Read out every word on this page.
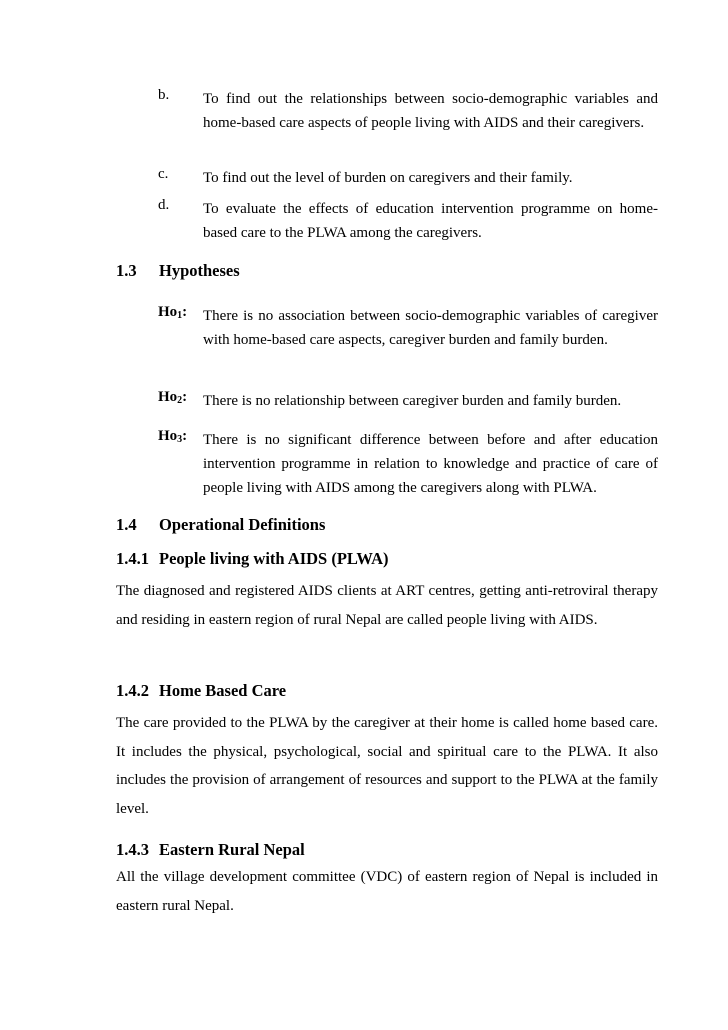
b. To find out the relationships between socio-demographic variables and home-based care aspects of people living with AIDS and their caregivers.
c. To find out the level of burden on caregivers and their family.
d. To evaluate the effects of education intervention programme on home-based care to the PLWA among the caregivers.
1.3 Hypotheses
$Ho_1$: There is no association between socio-demographic variables of caregiver with home-based care aspects, caregiver burden and family burden.
$Ho_2$: There is no relationship between caregiver burden and family burden.
$Ho_3$: There is no significant difference between before and after education intervention programme in relation to knowledge and practice of care of people living with AIDS among the caregivers along with PLWA.
1.4 Operational Definitions
1.4.1 People living with AIDS (PLWA)
The diagnosed and registered AIDS clients at ART centres, getting anti-retroviral therapy and residing in eastern region of rural Nepal are called people living with AIDS.
1.4.2 Home Based Care
The care provided to the PLWA by the caregiver at their home is called home based care. It includes the physical, psychological, social and spiritual care to the PLWA. It also includes the provision of arrangement of resources and support to the PLWA at the family level.
1.4.3 Eastern Rural Nepal
All the village development committee (VDC) of eastern region of Nepal is included in eastern rural Nepal.
